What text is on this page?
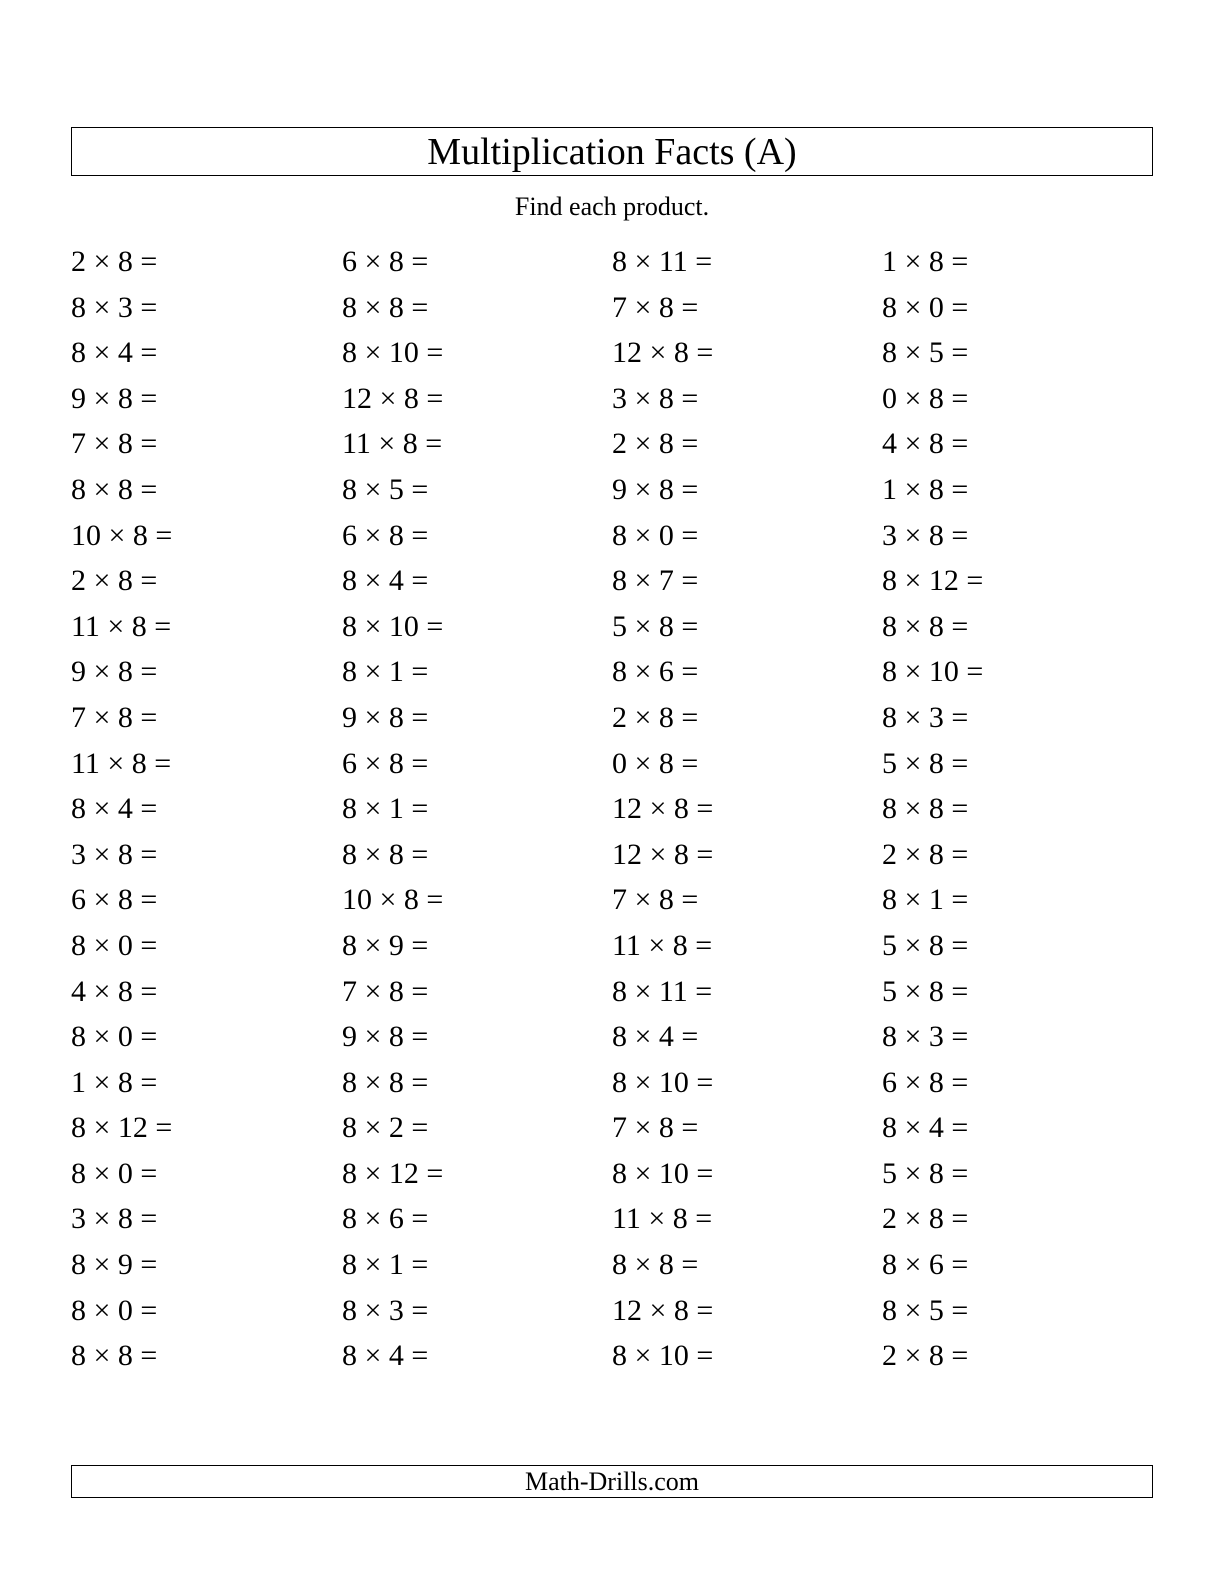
Multiplication Facts (A)
Find each product.
2 × 8 =	6 × 8 =	8 × 11 =	1 × 8 =
8 × 3 =	8 × 8 =	7 × 8 =	8 × 0 =
8 × 4 =	8 × 10 =	12 × 8 =	8 × 5 =
9 × 8 =	12 × 8 =	3 × 8 =	0 × 8 =
7 × 8 =	11 × 8 =	2 × 8 =	4 × 8 =
8 × 8 =	8 × 5 =	9 × 8 =	1 × 8 =
10 × 8 =	6 × 8 =	8 × 0 =	3 × 8 =
2 × 8 =	8 × 4 =	8 × 7 =	8 × 12 =
11 × 8 =	8 × 10 =	5 × 8 =	8 × 8 =
9 × 8 =	8 × 1 =	8 × 6 =	8 × 10 =
7 × 8 =	9 × 8 =	2 × 8 =	8 × 3 =
11 × 8 =	6 × 8 =	0 × 8 =	5 × 8 =
8 × 4 =	8 × 1 =	12 × 8 =	8 × 8 =
3 × 8 =	8 × 8 =	12 × 8 =	2 × 8 =
6 × 8 =	10 × 8 =	7 × 8 =	8 × 1 =
8 × 0 =	8 × 9 =	11 × 8 =	5 × 8 =
4 × 8 =	7 × 8 =	8 × 11 =	5 × 8 =
8 × 0 =	9 × 8 =	8 × 4 =	8 × 3 =
1 × 8 =	8 × 8 =	8 × 10 =	6 × 8 =
8 × 12 =	8 × 2 =	7 × 8 =	8 × 4 =
8 × 0 =	8 × 12 =	8 × 10 =	5 × 8 =
3 × 8 =	8 × 6 =	11 × 8 =	2 × 8 =
8 × 9 =	8 × 1 =	8 × 8 =	8 × 6 =
8 × 0 =	8 × 3 =	12 × 8 =	8 × 5 =
8 × 8 =	8 × 4 =	8 × 10 =	2 × 8 =
Math-Drills.com
